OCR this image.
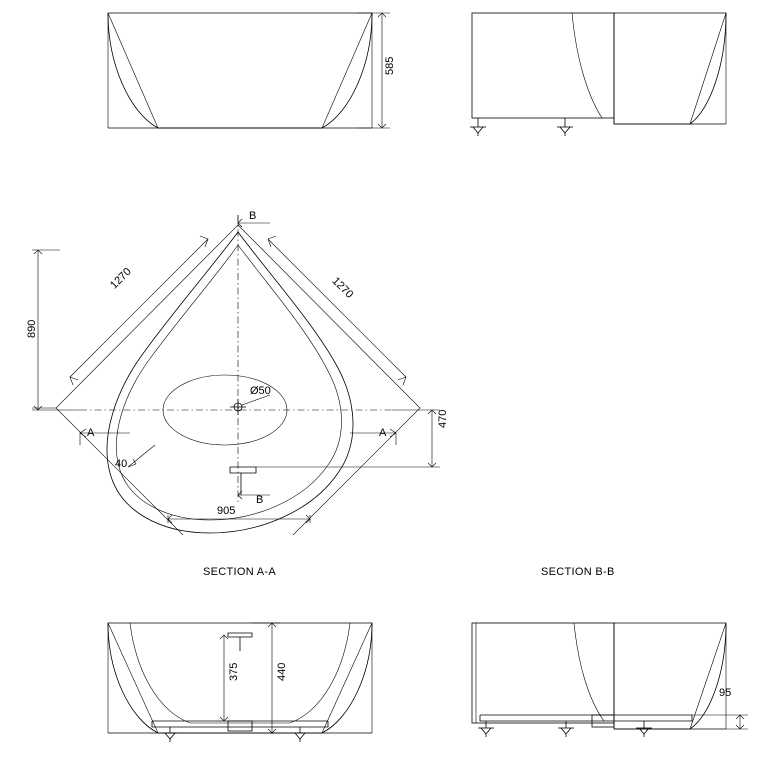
585
1270	1270
890
470
Ø50
40
905
A	A
B
B
SECTION A-A	SECTION B-B
375	440
95
